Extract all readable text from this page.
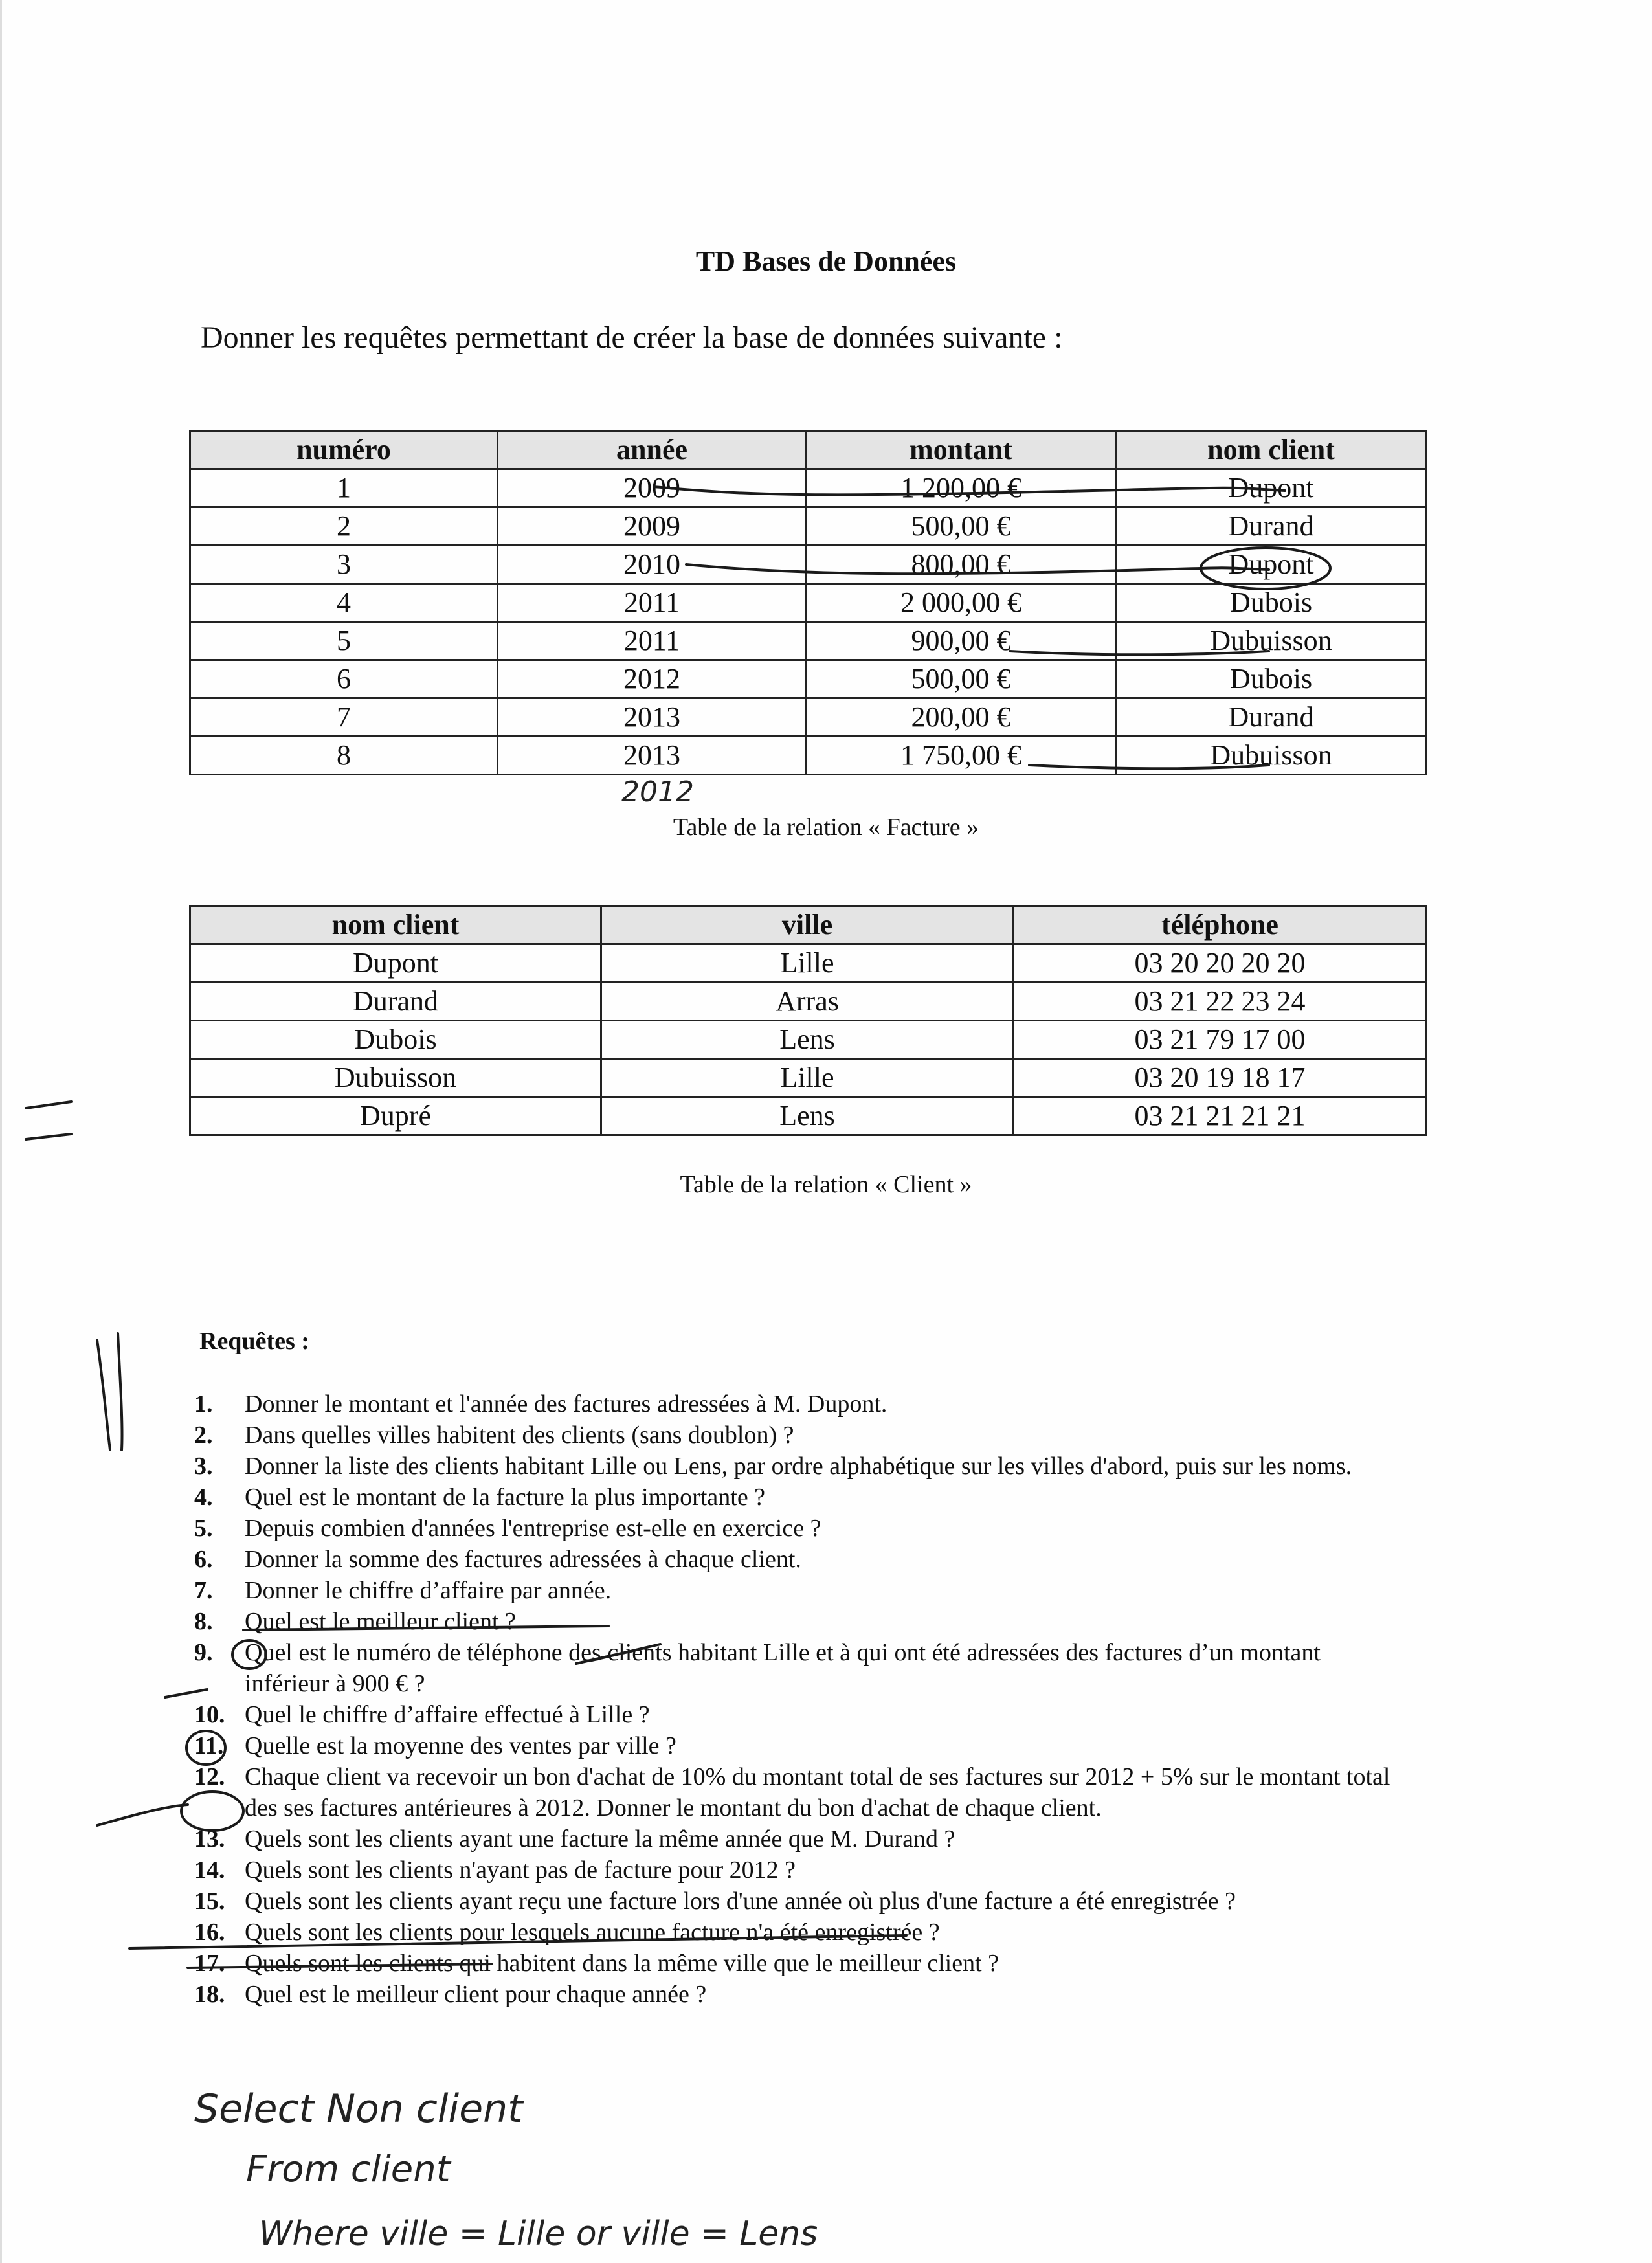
TD Bases de Données

Donner les requêtes permettant de créer la base de données suivante :

numéro	année	montant	nom client
1	2009	1 200,00 €	Dupont
2	2009	500,00 €	Durand
3	2010	800,00 €	Dupont
4	2011	2 000,00 €	Dubois
5	2011	900,00 €	Dubuisson
6	2012	500,00 €	Dubois
7	2013	200,00 €	Durand
8	2013	1 750,00 €	Dubuisson

Table de la relation « Facture »

nom client	ville	téléphone
Dupont	Lille	03 20 20 20 20
Durand	Arras	03 21 22 23 24
Dubois	Lens	03 21 79 17 00
Dubuisson	Lille	03 20 19 18 17
Dupré	Lens	03 21 21 21 21

Table de la relation « Client »

Requêtes :

1.	Donner le montant et l'année des factures adressées à M. Dupont.
2.	Dans quelles villes habitent des clients (sans doublon) ?
3.	Donner la liste des clients habitant Lille ou Lens, par ordre alphabétique sur les villes d'abord, puis sur les noms.
4.	Quel est le montant de la facture la plus importante ?
5.	Depuis combien d'années l'entreprise est-elle en exercice ?
6.	Donner la somme des factures adressées à chaque client.
7.	Donner le chiffre d’affaire par année.
8.	Quel est le meilleur client ?
9.	Quel est le numéro de téléphone des clients habitant Lille et à qui ont été adressées des factures d’un montant inférieur à 900 € ?
10. Quel le chiffre d’affaire effectué à Lille ?
11. Quelle est la moyenne des ventes par ville ?
12. Chaque client va recevoir un bon d'achat de 10% du montant total de ses factures sur 2012 + 5% sur le montant total des ses factures antérieures à 2012. Donner le montant du bon d'achat de chaque client.
13. Quels sont les clients ayant une facture la même année que M. Durand ?
14. Quels sont les clients n'ayant pas de facture pour 2012 ?
15. Quels sont les clients ayant reçu une facture lors d'une année où plus d'une facture a été enregistrée ?
16. Quels sont les clients pour lesquels aucune facture n'a été enregistrée ?
17. Quels sont les clients qui habitent dans la même ville que le meilleur client ?
18. Quel est le meilleur client pour chaque année ?
2012
Select Non client
From client
Where ville = Lille or ville = Lens
